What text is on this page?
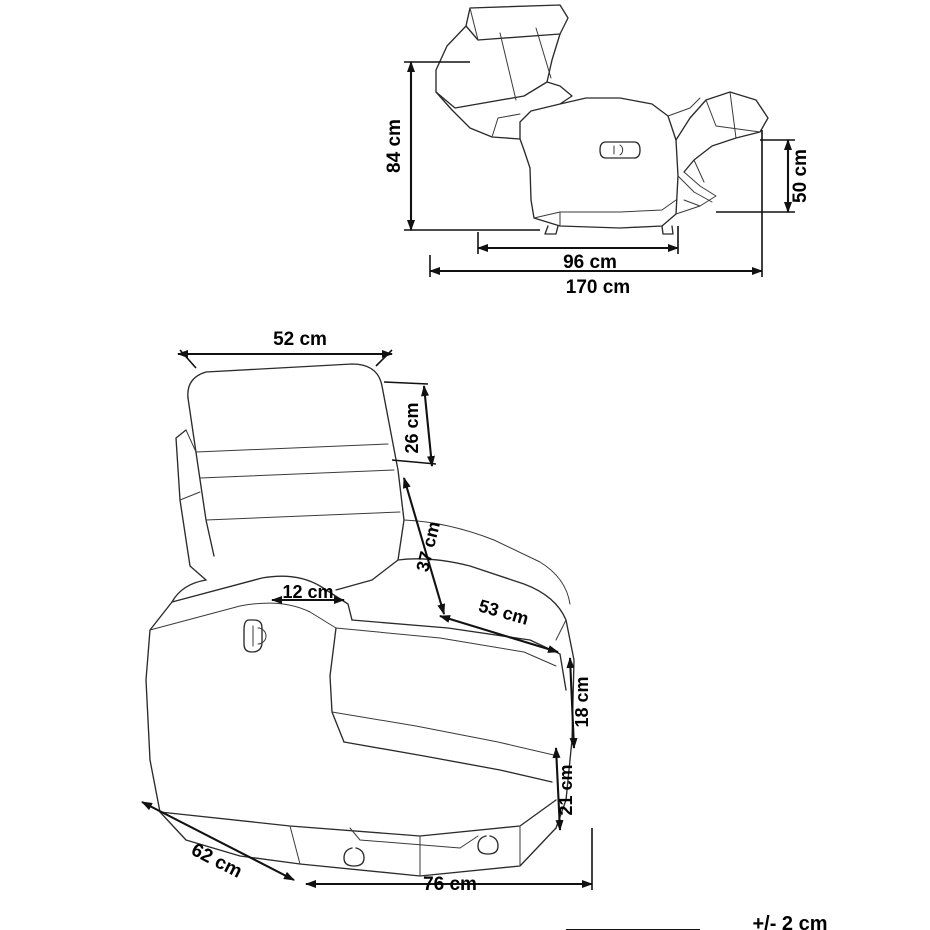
84 cm
50 cm
96 cm
170 cm
52 cm
26 cm
37 cm
12 cm
53 cm
18 cm
21 cm
62 cm
76 cm
+/- 2 cm
